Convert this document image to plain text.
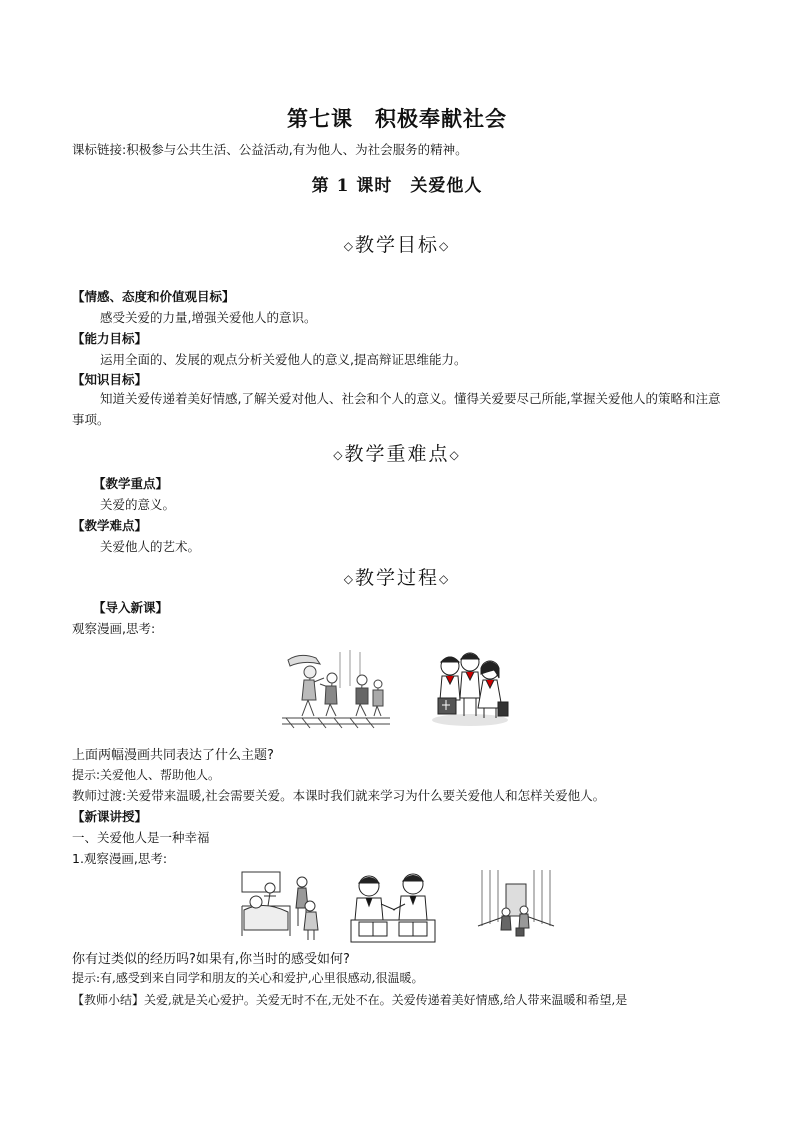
第七课　积极奉献社会
课标链接:积极参与公共生活、公益活动,有为他人、为社会服务的精神。
第 1 课时　关爱他人
◇教学目标◇
【情感、态度和价值观目标】
感受关爱的力量,增强关爱他人的意识。
【能力目标】
运用全面的、发展的观点分析关爱他人的意义,提高辩证思维能力。
【知识目标】
知道关爱传递着美好情感,了解关爱对他人、社会和个人的意义。懂得关爱要尽己所能,掌握关爱他人的策略和注意事项。
◇教学重难点◇
【教学重点】
关爱的意义。
【教学难点】
关爱他人的艺术。
◇教学过程◇
【导入新课】
观察漫画,思考:
上面两幅漫画共同表达了什么主题?
提示:关爱他人、帮助他人。
教师过渡:关爱带来温暖,社会需要关爱。本课时我们就来学习为什么要关爱他人和怎样关爱他人。
【新课讲授】
一、关爱他人是一种幸福
1.观察漫画,思考:
你有过类似的经历吗?如果有,你当时的感受如何?
提示:有,感受到来自同学和朋友的关心和爱护,心里很感动,很温暖。
【教师小结】关爱,就是关心爱护。关爱无时不在,无处不在。关爱传递着美好情感,给人带来温暖和希望,是
